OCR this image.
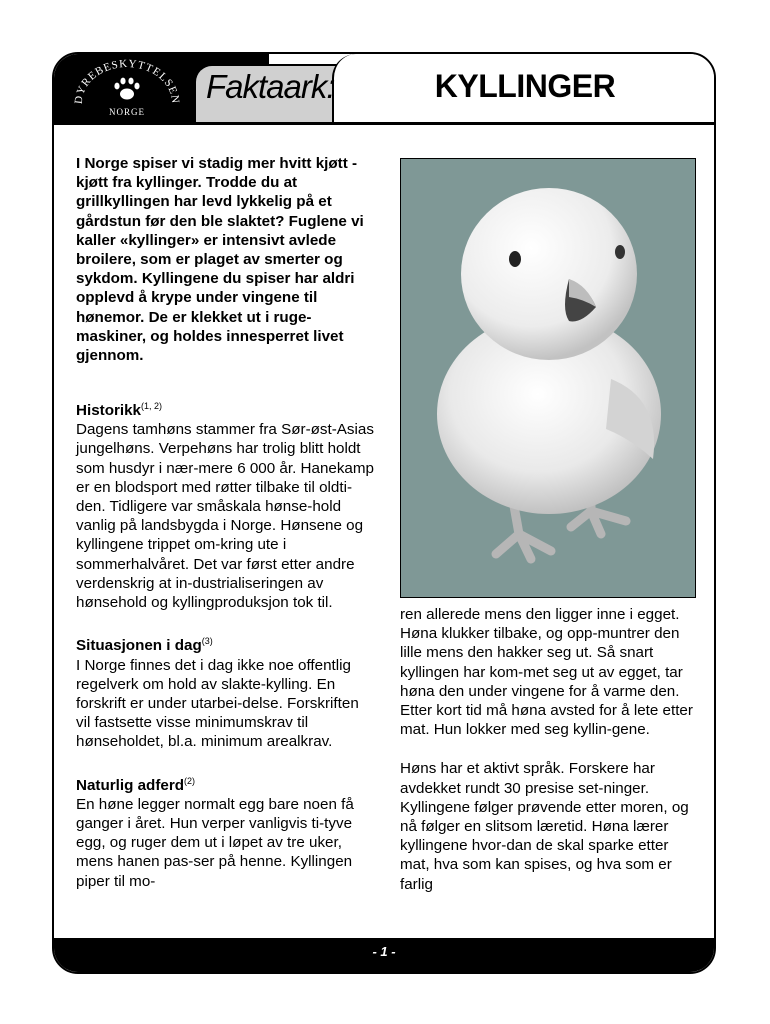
DYREBESKYTTELSEN
NORGE
Faktaark:	KYLLINGER
I Norge spiser vi stadig mer hvitt kjøtt - kjøtt fra kyllinger. Trodde du at grillkyllingen har levd lykkelig på et gårdstun før den ble slaktet? Fuglene vi kaller «kyllinger» er intensivt avlede broilere, som er plaget av smerter og sykdom. Kyllingene du spiser har aldri opplevd å krype under vingene til hønemor. De er klekket ut i ruge-maskiner, og holdes innesperret livet gjennom.
Historikk$^{(1, 2)}$

Dagens tamhøns stammer fra Sør-øst-Asias jungelhøns. Verpehøns har trolig blitt holdt som husdyr i nær-mere 6 000 år. Hanekamp er en blodsport med røtter tilbake til oldti-den. Tidligere var småskala hønse-hold vanlig på landsbygda i Norge. Hønsene og kyllingene trippet om-kring ute i sommerhalvåret. Det var først etter andre verdenskrig at in-dustrialiseringen av hønsehold og kyllingproduksjon tok til.

Situasjonen i dag$^{(3)}$

I Norge finnes det i dag ikke noe offentlig regelverk om hold av slakte-kylling. En forskrift er under utarbei-delse. Forskriften vil fastsette visse minimumskrav til hønseholdet, bl.a. minimum arealkrav.

Naturlig adferd$^{(2)}$

En høne legger normalt egg bare noen få ganger i året. Hun verper vanligvis ti-tyve egg, og ruger dem ut i løpet av tre uker, mens hanen pas-ser på henne. Kyllingen piper til mo-

ren allerede mens den ligger inne i egget. Høna klukker tilbake, og opp-muntrer den lille mens den hakker seg ut. Så snart kyllingen har kom-met seg ut av egget, tar høna den under vingene for å varme den. Etter kort tid må høna avsted for å lete etter mat. Hun lokker med seg kyllin-gene.

Høns har et aktivt språk. Forskere har avdekket rundt 30 presise set-ninger. Kyllingene følger prøvende etter moren, og nå følger en slitsom læretid. Høna lærer kyllingene hvor-dan de skal sparke etter mat, hva som kan spises, og hva som er farlig

- 1 -
